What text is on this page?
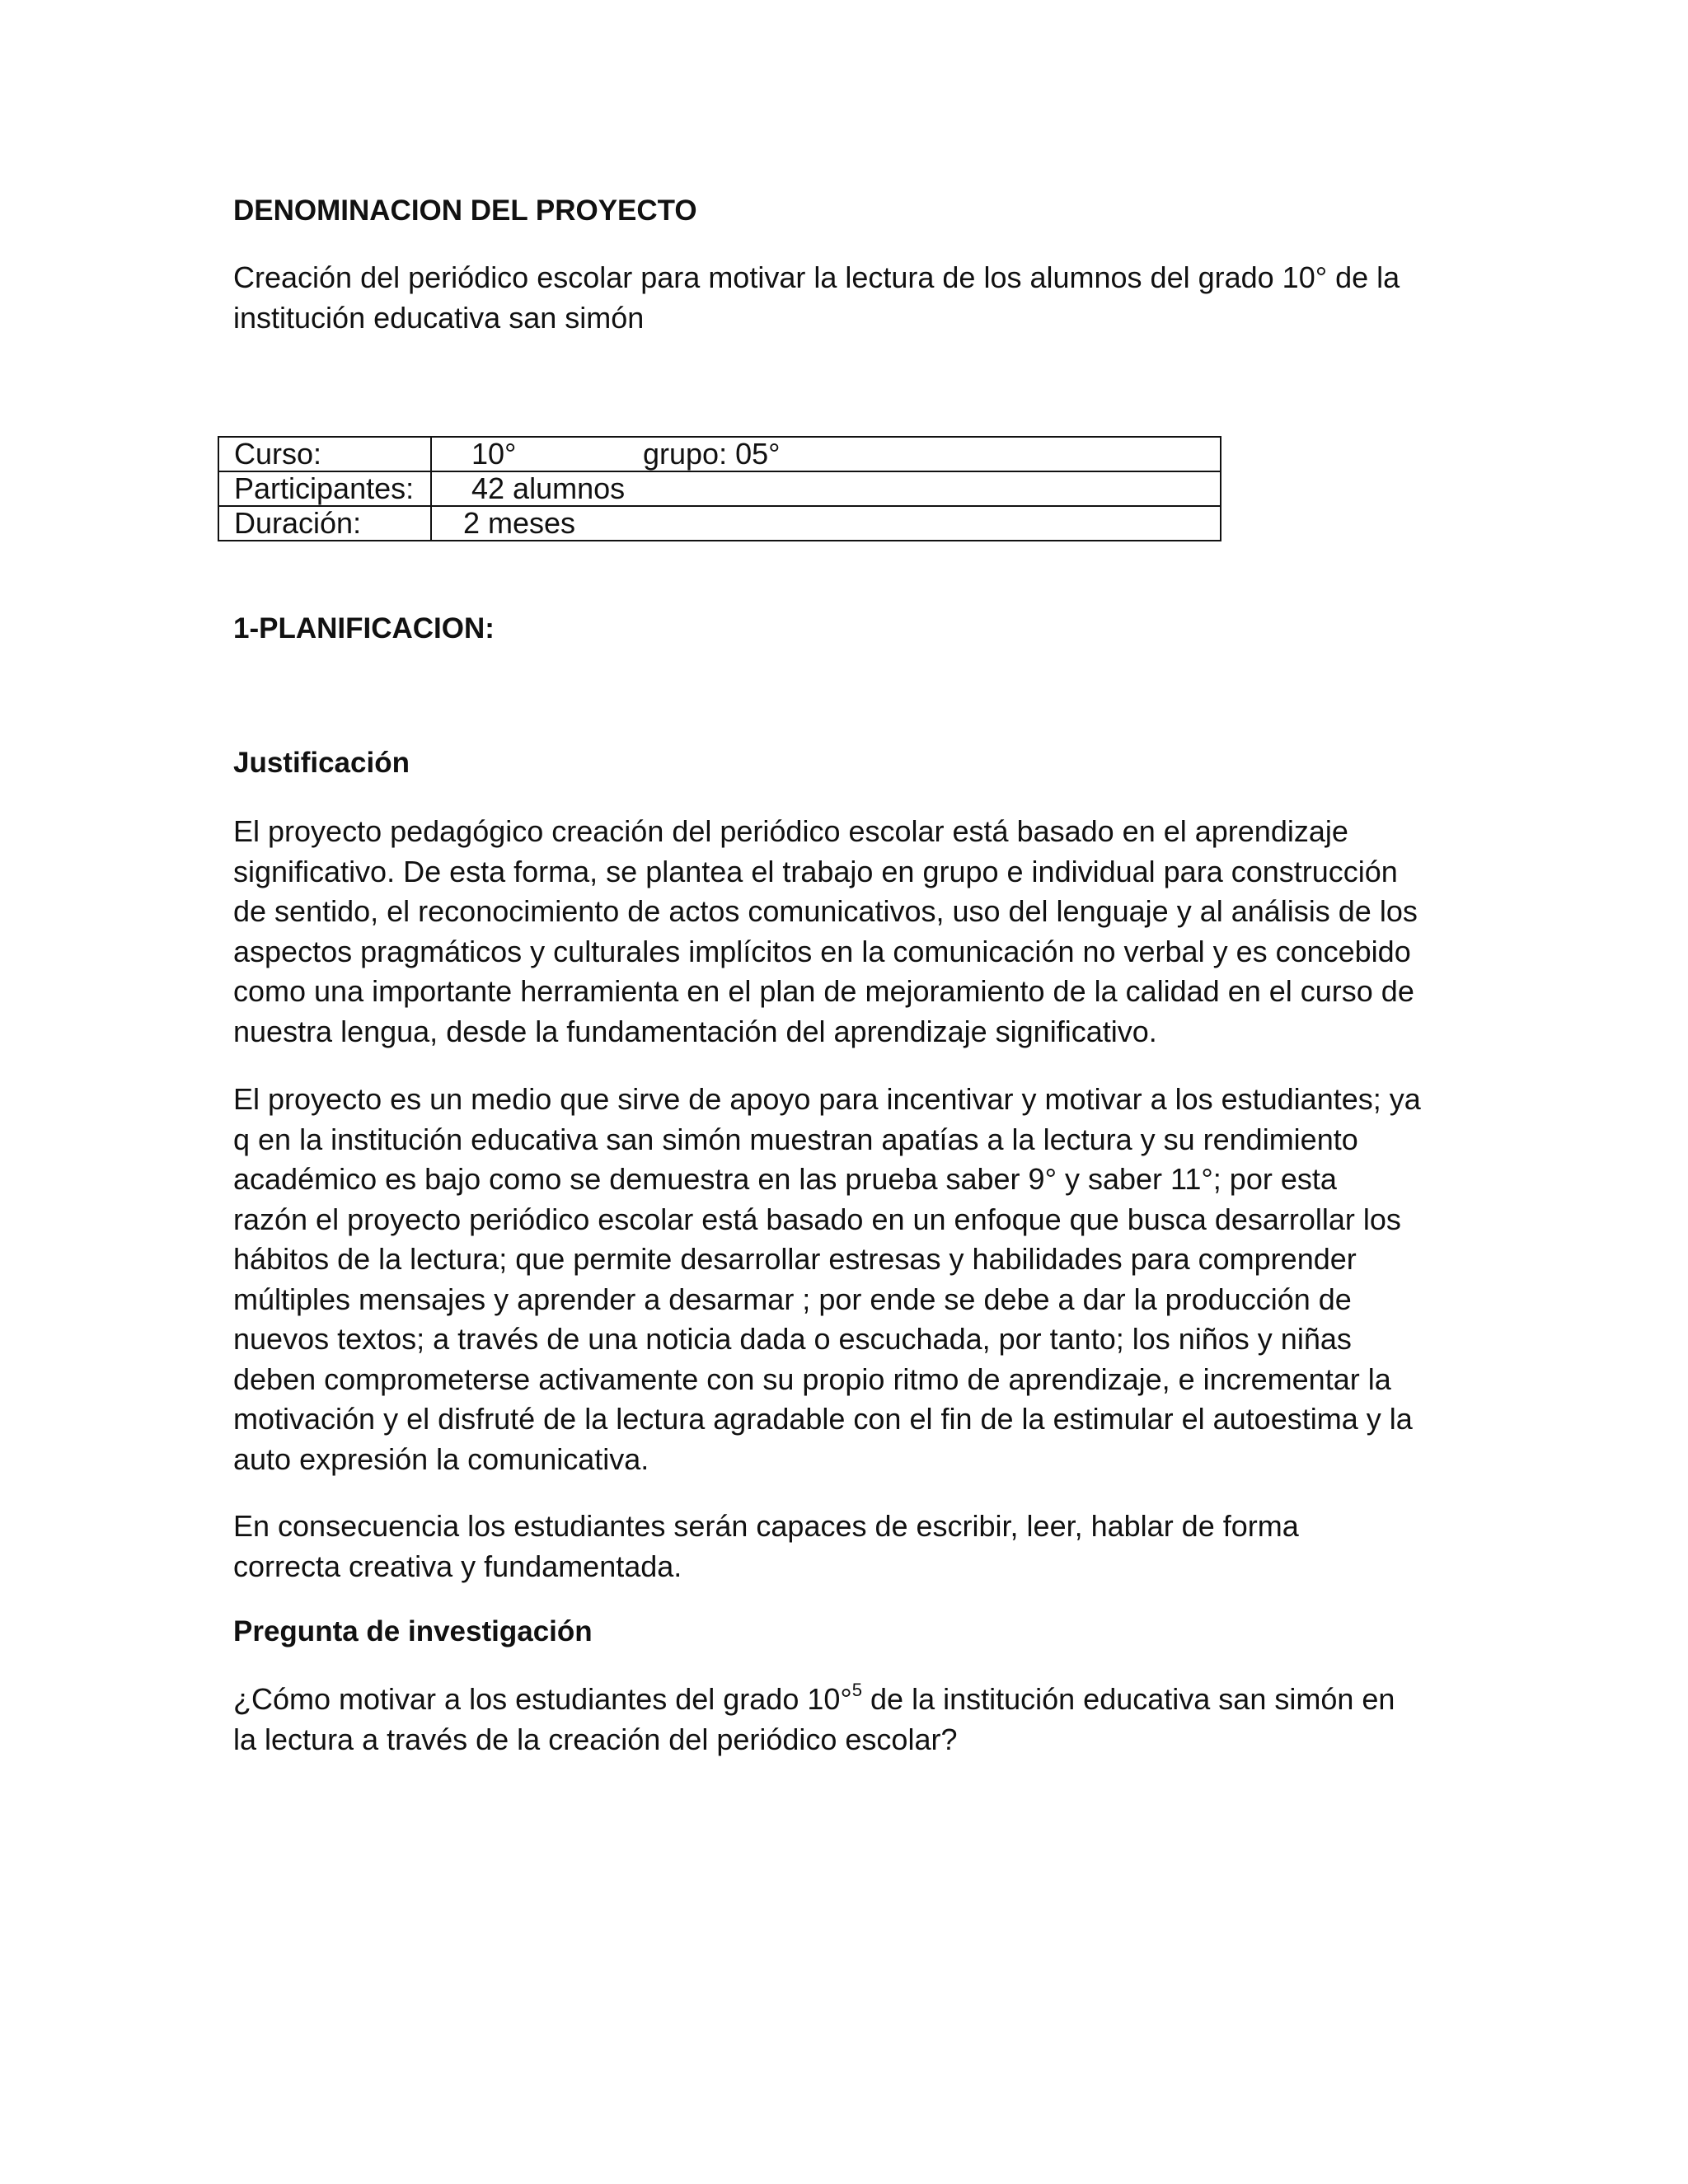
DENOMINACION DEL PROYECTO

Creación del periódico escolar para motivar la lectura de los alumnos del grado 10° de la

institución educativa san simón

Curso:	10° grupo: 05°
Participantes:	42 alumnos
Duración:	2 meses
1-PLANIFICACION:
Justificación

El proyecto pedagógico creación del periódico escolar está basado en el aprendizaje

significativo. De esta forma, se plantea el trabajo en grupo e individual para construcción

de sentido, el reconocimiento de actos comunicativos, uso del lenguaje y al análisis de los

aspectos pragmáticos y culturales implícitos en la comunicación no verbal y es concebido

como una importante herramienta en el plan de mejoramiento de la calidad en el curso de

nuestra lengua, desde la fundamentación del aprendizaje significativo.

El proyecto es un medio que sirve de apoyo para incentivar y motivar a los estudiantes; ya

q en la institución educativa san simón muestran apatías a la lectura y su rendimiento

académico es bajo como se demuestra en las prueba saber 9° y saber 11°; por esta

razón el proyecto periódico escolar está basado en un enfoque que busca desarrollar los

hábitos de la lectura; que permite desarrollar estresas y habilidades para comprender

múltiples mensajes y aprender a desarmar ; por ende se debe a dar la producción de

nuevos textos; a través de una noticia dada o escuchada, por tanto; los niños y niñas

deben comprometerse activamente con su propio ritmo de aprendizaje, e incrementar la

motivación y el disfruté de la lectura agradable con el fin de la estimular el autoestima y la

auto expresión la comunicativa.

En consecuencia los estudiantes serán capaces de escribir, leer, hablar de forma

correcta creativa y fundamentada.

Pregunta de investigación

¿Cómo motivar a los estudiantes del grado 10°$^5$ de la institución educativa san simón en

la lectura a través de la creación del periódico escolar?
